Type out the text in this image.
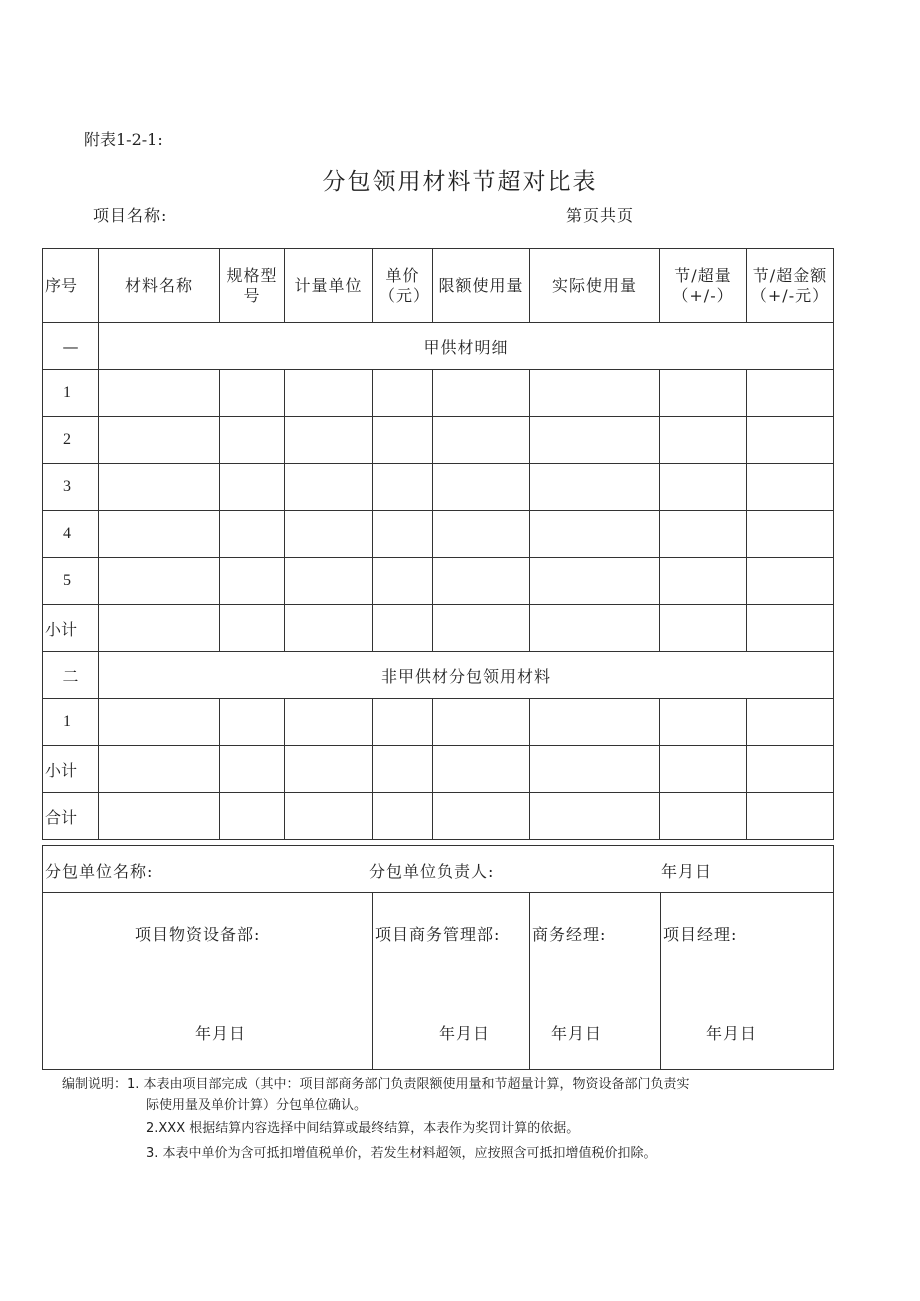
附表1-2-1:
分包领用材料节超对比表
项目名称:	第页共页
序号	材料名称	规格型号	计量单位	单价（元）	限额使用量	实际使用量	节/超量（+/-）	节/超金额（+/-元）
—	甲供材明细							
1								
2								
3								
4								
5								
小计								
二	非甲供材分包领用材料							
1								
小计								
合计								
分包单位名称:	分包单位负责人:	年月日

项目物资设备部:
年月日

项目商务管理部:
年月日

商务经理:
年月日

项目经理:
年月日
编制说明：1. 本表由项目部完成（其中：项目部商务部门负责限额使用量和节超量计算，物资设备部门负责实
际使用量及单价计算）分包单位确认。
2.XXX 根据结算内容选择中间结算或最终结算，本表作为奖罚计算的依据。
3. 本表中单价为含可抵扣增值税单价，若发生材料超领，应按照含可抵扣增值税价扣除。
